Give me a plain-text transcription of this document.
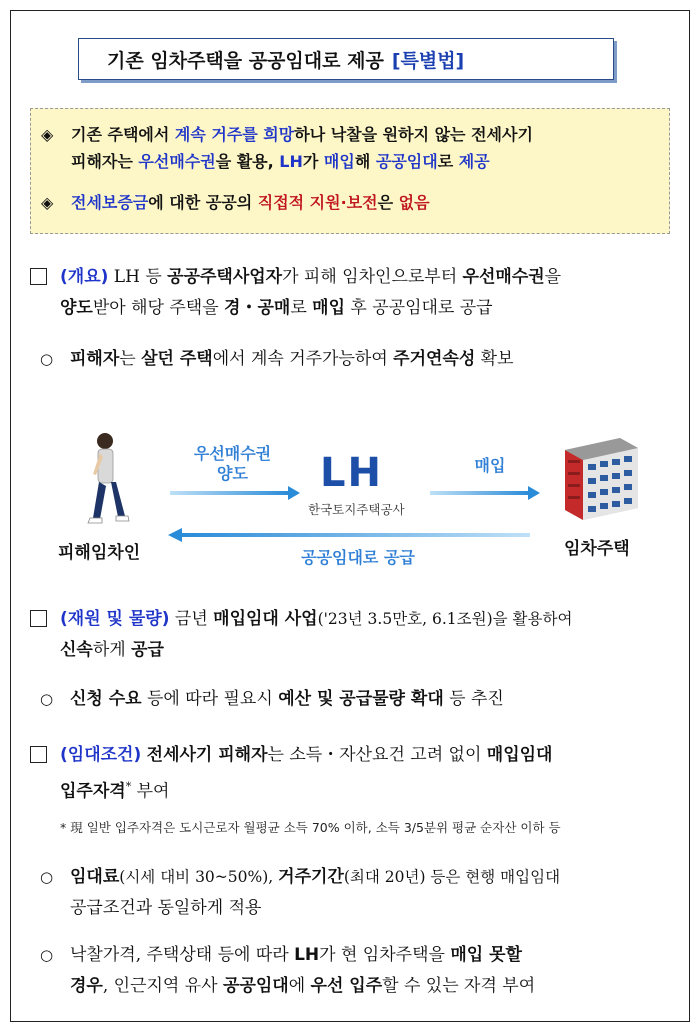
기존 임차주택을 공공임대로 제공 [특별법]
◈ 기존 주택에서 계속 거주를 희망하나 낙찰을 원하지 않는 전세사기
피해자는 우선매수권을 활용, LH가 매입해 공공임대로 제공
◈ 전세보증금에 대한 공공의 직접적 지원·보전은 없음
(개요) LH 등 공공주택사업자가 피해 임차인으로부터 우선매수권을
양도받아 해당 주택을 경・공매로 매입 후 공공임대로 공급
○ 피해자는 살던 주택에서 계속 거주가능하여 주거연속성 확보
우선매수권
양도	매입
공공임대로 공급
LH
한국토지주택공사
피해임차인	임차주택
(재원 및 물량) 금년 매입임대 사업('23년 3.5만호, 6.1조원)을 활용하여
신속하게 공급
○ 신청 수요 등에 따라 필요시 예산 및 공급물량 확대 등 추진
(임대조건) 전세사기 피해자는 소득・자산요건 고려 없이 매입임대
입주자격* 부여
* 現 일반 입주자격은 도시근로자 월평균 소득 70% 이하, 소득 3/5분위 평균 순자산 이하 등
○ 임대료(시세 대비 30~50%), 거주기간(최대 20년) 등은 현행 매입임대
공급조건과 동일하게 적용
○ 낙찰가격, 주택상태 등에 따라 LH가 현 임차주택을 매입 못할
경우, 인근지역 유사 공공임대에 우선 입주할 수 있는 자격 부여
